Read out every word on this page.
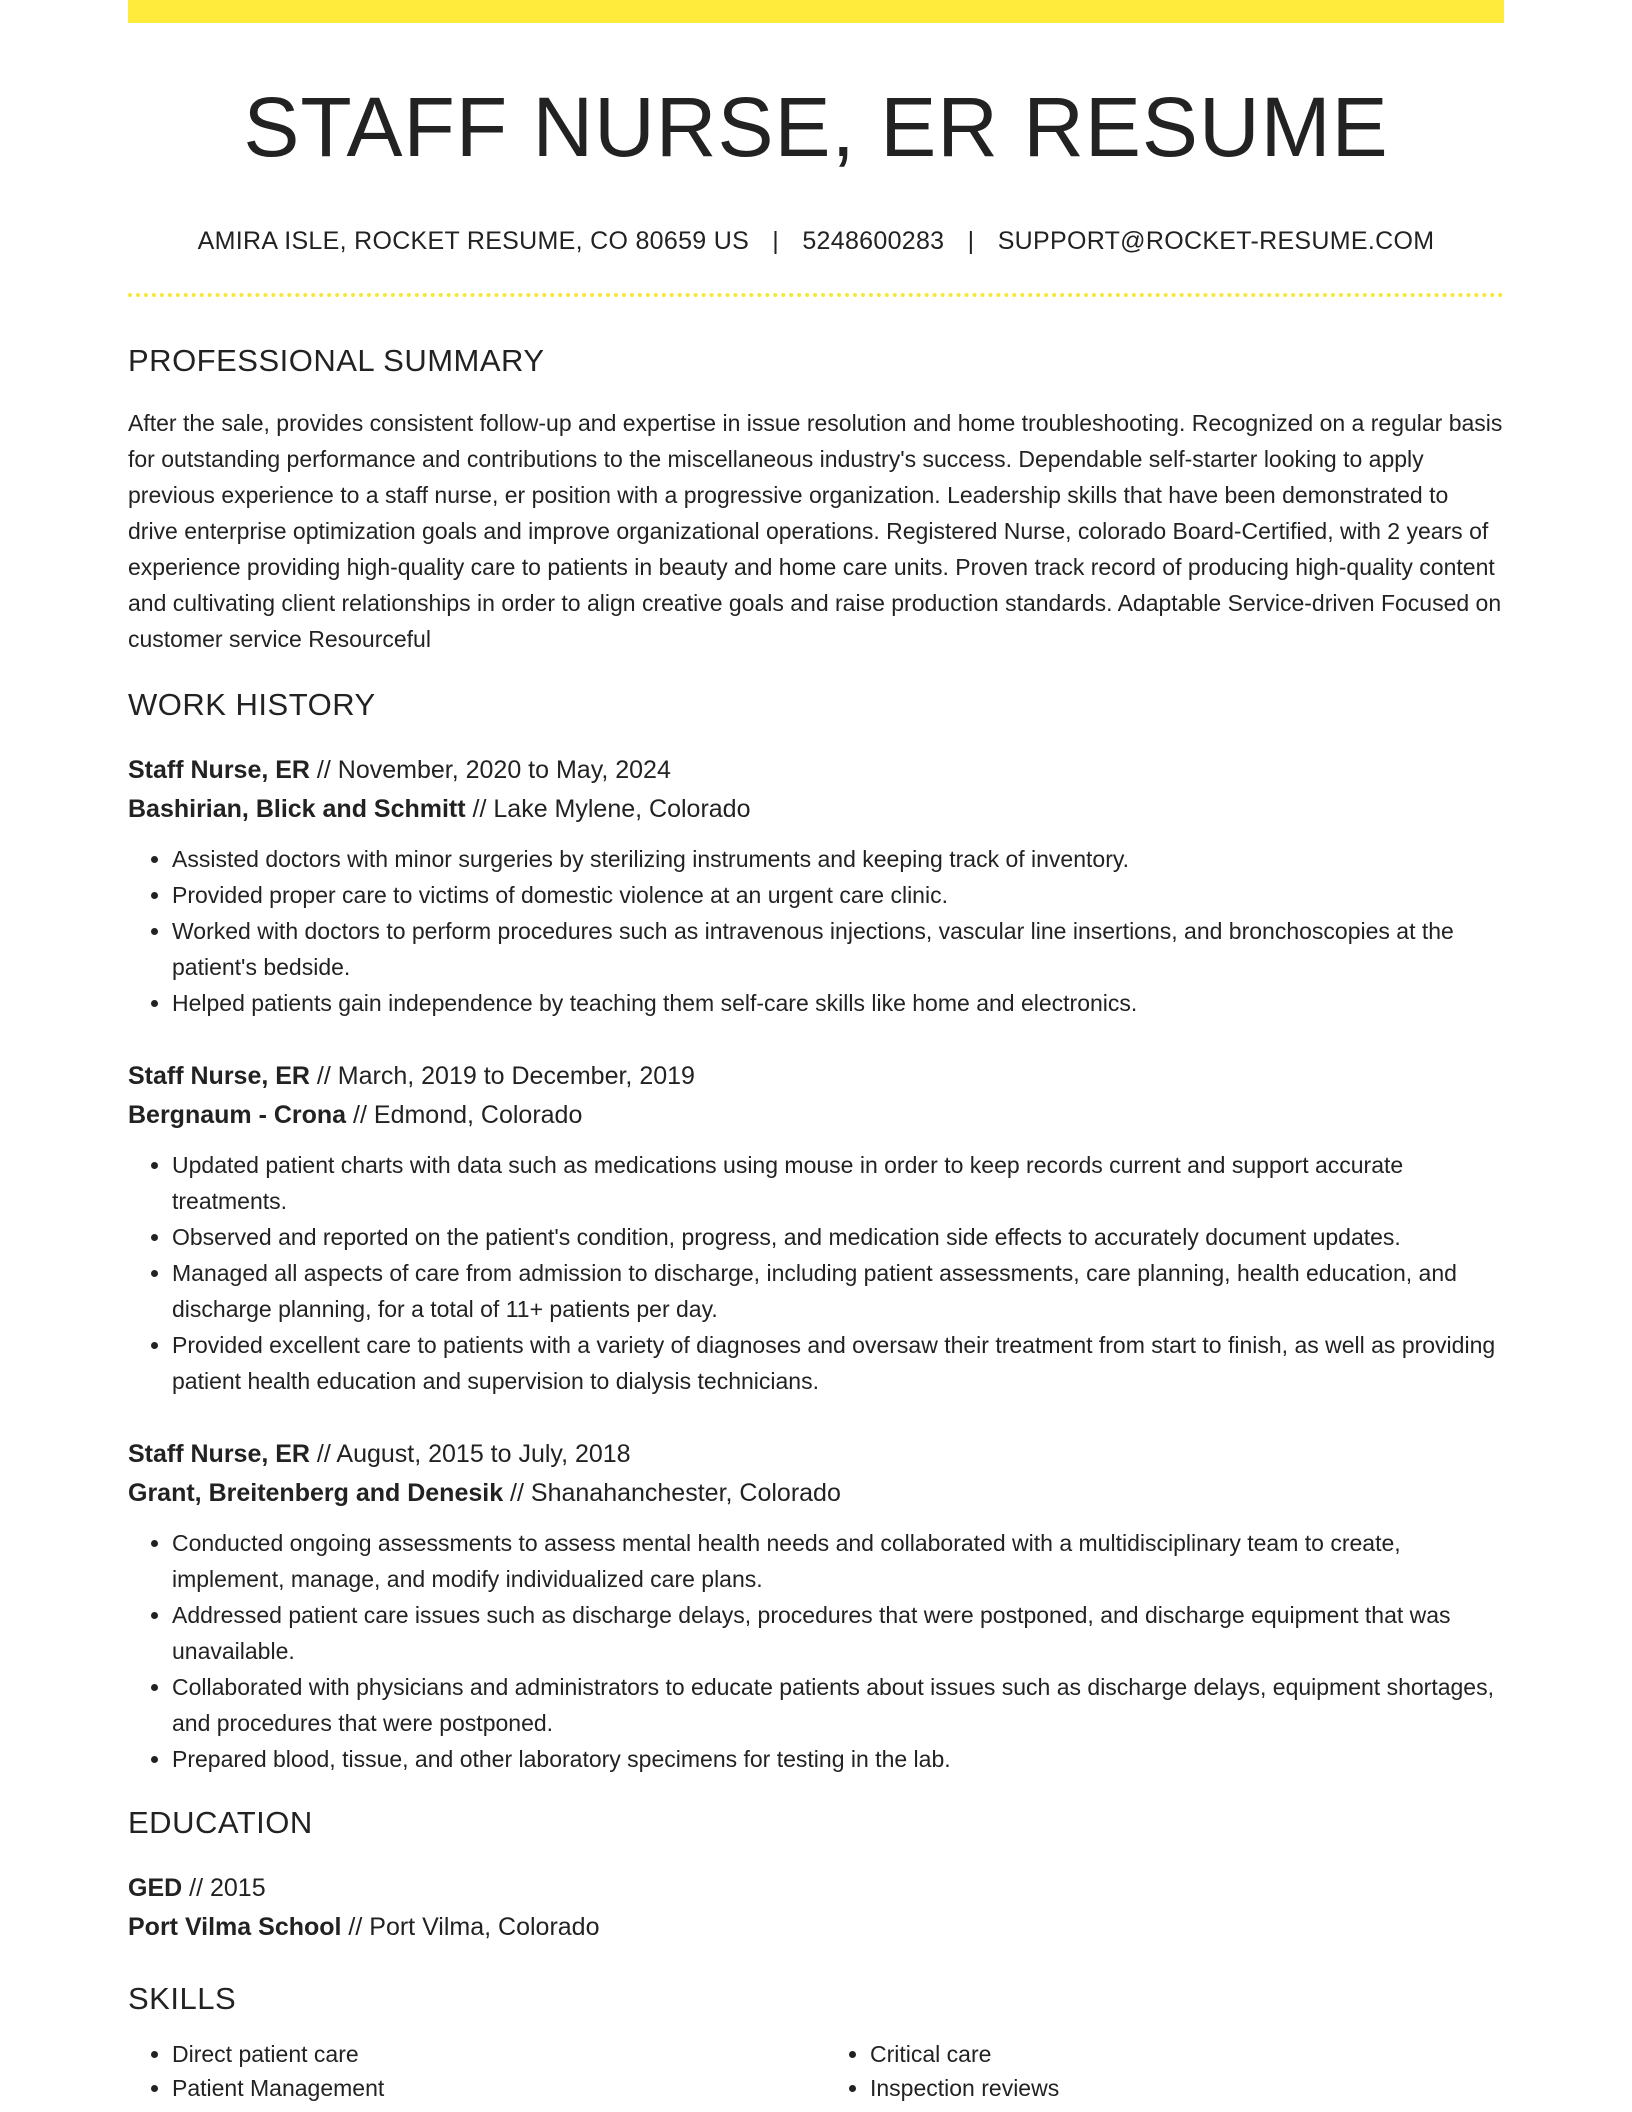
STAFF NURSE, ER RESUME
AMIRA ISLE, ROCKET RESUME, CO 80659 US | 5248600283 | SUPPORT@ROCKET-RESUME.COM
PROFESSIONAL SUMMARY
After the sale, provides consistent follow-up and expertise in issue resolution and home troubleshooting. Recognized on a regular basis for outstanding performance and contributions to the miscellaneous industry's success. Dependable self-starter looking to apply previous experience to a staff nurse, er position with a progressive organization. Leadership skills that have been demonstrated to drive enterprise optimization goals and improve organizational operations. Registered Nurse, colorado Board-Certified, with 2 years of experience providing high-quality care to patients in beauty and home care units. Proven track record of producing high-quality content and cultivating client relationships in order to align creative goals and raise production standards. Adaptable Service-driven Focused on customer service Resourceful
WORK HISTORY
Staff Nurse, ER // November, 2020 to May, 2024
Bashirian, Blick and Schmitt // Lake Mylene, Colorado
• Assisted doctors with minor surgeries by sterilizing instruments and keeping track of inventory.
• Provided proper care to victims of domestic violence at an urgent care clinic.
• Worked with doctors to perform procedures such as intravenous injections, vascular line insertions, and bronchoscopies at the patient's bedside.
• Helped patients gain independence by teaching them self-care skills like home and electronics.
Staff Nurse, ER // March, 2019 to December, 2019
Bergnaum - Crona // Edmond, Colorado
• Updated patient charts with data such as medications using mouse in order to keep records current and support accurate treatments.
• Observed and reported on the patient's condition, progress, and medication side effects to accurately document updates.
• Managed all aspects of care from admission to discharge, including patient assessments, care planning, health education, and discharge planning, for a total of 11+ patients per day.
• Provided excellent care to patients with a variety of diagnoses and oversaw their treatment from start to finish, as well as providing patient health education and supervision to dialysis technicians.
Staff Nurse, ER // August, 2015 to July, 2018
Grant, Breitenberg and Denesik // Shanahanchester, Colorado
• Conducted ongoing assessments to assess mental health needs and collaborated with a multidisciplinary team to create, implement, manage, and modify individualized care plans.
• Addressed patient care issues such as discharge delays, procedures that were postponed, and discharge equipment that was unavailable.
• Collaborated with physicians and administrators to educate patients about issues such as discharge delays, equipment shortages, and procedures that were postponed.
• Prepared blood, tissue, and other laboratory specimens for testing in the lab.
EDUCATION
GED // 2015
Port Vilma School // Port Vilma, Colorado
SKILLS
• Direct patient care
• Patient Management
• Critical care
• Inspection reviews
